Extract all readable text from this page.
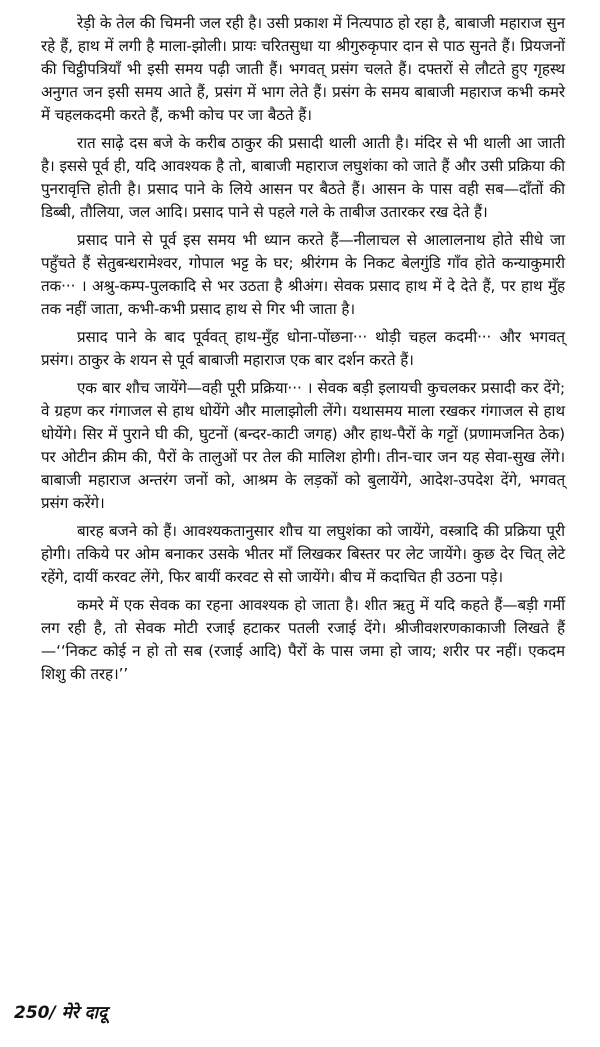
रेड़ी के तेल की चिमनी जल रही है। उसी प्रकाश में नित्यपाठ हो रहा है, बाबाजी महाराज सुन रहे हैं, हाथ में लगी है माला-झोली। प्रायः चरितसुधा या श्रीगुरुकृपार दान से पाठ सुनते हैं। प्रियजनों की चिट्ठीपत्रियाँ भी इसी समय पढ़ी जाती हैं। भगवत् प्रसंग चलते हैं। दफ्तरों से लौटते हुए गृहस्थ अनुगत जन इसी समय आते हैं, प्रसंग में भाग लेते हैं। प्रसंग के समय बाबाजी महाराज कभी कमरे में चहलकदमी करते हैं, कभी कोच पर जा बैठते हैं।

रात साढ़े दस बजे के करीब ठाकुर की प्रसादी थाली आती है। मंदिर से भी थाली आ जाती है। इससे पूर्व ही, यदि आवश्यक है तो, बाबाजी महाराज लघुशंका को जाते हैं और उसी प्रक्रिया की पुनरावृत्ति होती है। प्रसाद पाने के लिये आसन पर बैठते हैं। आसन के पास वही सब—दाँतों की डिब्बी, तौलिया, जल आदि। प्रसाद पाने से पहले गले के ताबीज उतारकर रख देते हैं।

प्रसाद पाने से पूर्व इस समय भी ध्यान करते हैं—नीलाचल से आलालनाथ होते सीधे जा पहुँचते हैं सेतुबन्धरामेश्वर, गोपाल भट्ट के घर; श्रीरंगम के निकट बेलगुंडि गाँव होते कन्याकुमारी तक··· । अश्रु-कम्प-पुलकादि से भर उठता है श्रीअंग। सेवक प्रसाद हाथ में दे देते हैं, पर हाथ मुँह तक नहीं जाता, कभी-कभी प्रसाद हाथ से गिर भी जाता है।

प्रसाद पाने के बाद पूर्ववत् हाथ-मुँह धोना-पोंछना··· थोड़ी चहल कदमी··· और भगवत् प्रसंग। ठाकुर के शयन से पूर्व बाबाजी महाराज एक बार दर्शन करते हैं।

एक बार शौच जायेंगे—वही पूरी प्रक्रिया··· । सेवक बड़ी इलायची कुचलकर प्रसादी कर देंगे; वे ग्रहण कर गंगाजल से हाथ धोयेंगे और मालाझोली लेंगे। यथासमय माला रखकर गंगाजल से हाथ धोयेंगे। सिर में पुराने घी की, घुटनों (बन्दर-काटी जगह) और हाथ-पैरों के गट्टों (प्रणामजनित ठेक) पर ओटीन क्रीम की, पैरों के तालुओं पर तेल की मालिश होगी। तीन-चार जन यह सेवा-सुख लेंगे। बाबाजी महाराज अन्तरंग जनों को, आश्रम के लड़कों को बुलायेंगे, आदेश-उपदेश देंगे, भगवत् प्रसंग करेंगे।

बारह बजने को हैं। आवश्यकतानुसार शौच या लघुशंका को जायेंगे, वस्त्रादि की प्रक्रिया पूरी होगी। तकिये पर ओम बनाकर उसके भीतर माँ लिखकर बिस्तर पर लेट जायेंगे। कुछ देर चित् लेटे रहेंगे, दायीं करवट लेंगे, फिर बायीं करवट से सो जायेंगे। बीच में कदाचित ही उठना पड़े।

कमरे में एक सेवक का रहना आवश्यक हो जाता है। शीत ऋतु में यदि कहते हैं—बड़ी गर्मी लग रही है, तो सेवक मोटी रजाई हटाकर पतली रजाई देंगे। श्रीजीवशरणकाकाजी लिखते हैं—‘‘निकट कोई न हो तो सब (रजाई आदि) पैरों के पास जमा हो जाय; शरीर पर नहीं। एकदम शिशु की तरह।’’

250/ मेरे दादू
